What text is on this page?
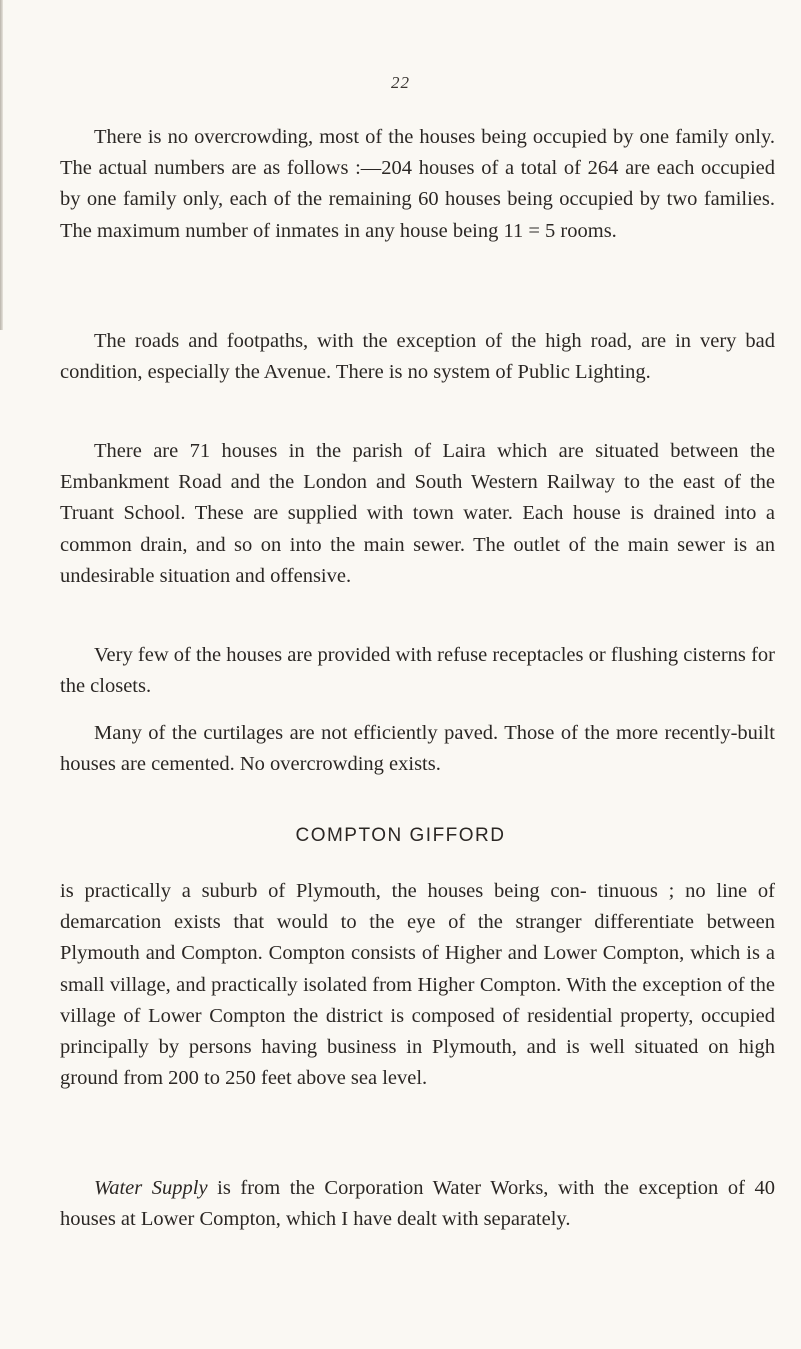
22

There is no overcrowding, most of the houses being occupied by one family only. The actual numbers are as follows :—204 houses of a total of 264 are each occupied by one family only, each of the remaining 60 houses being occupied by two families. The maximum number of inmates in any house being 11 = 5 rooms.

The roads and footpaths, with the exception of the high road, are in very bad condition, especially the Avenue. There is no system of Public Lighting.

There are 71 houses in the parish of Laira which are situated between the Embankment Road and the London and South Western Railway to the east of the Truant School. These are supplied with town water. Each house is drained into a common drain, and so on into the main sewer. The outlet of the main sewer is an undesirable situation and offensive.

Very few of the houses are provided with refuse receptacles or flushing cisterns for the closets.

Many of the curtilages are not efficiently paved. Those of the more recently-built houses are cemented. No overcrowding exists.

COMPTON GIFFORD

is practically a suburb of Plymouth, the houses being con- tinuous ; no line of demarcation exists that would to the eye of the stranger differentiate between Plymouth and Compton. Compton consists of Higher and Lower Compton, which is a small village, and practically isolated from Higher Compton. With the exception of the village of Lower Compton the district is composed of residential property, occupied principally by persons having business in Plymouth, and is well situated on high ground from 200 to 250 feet above sea level.

Water Supply is from the Corporation Water Works, with the exception of 40 houses at Lower Compton, which I have dealt with separately.
